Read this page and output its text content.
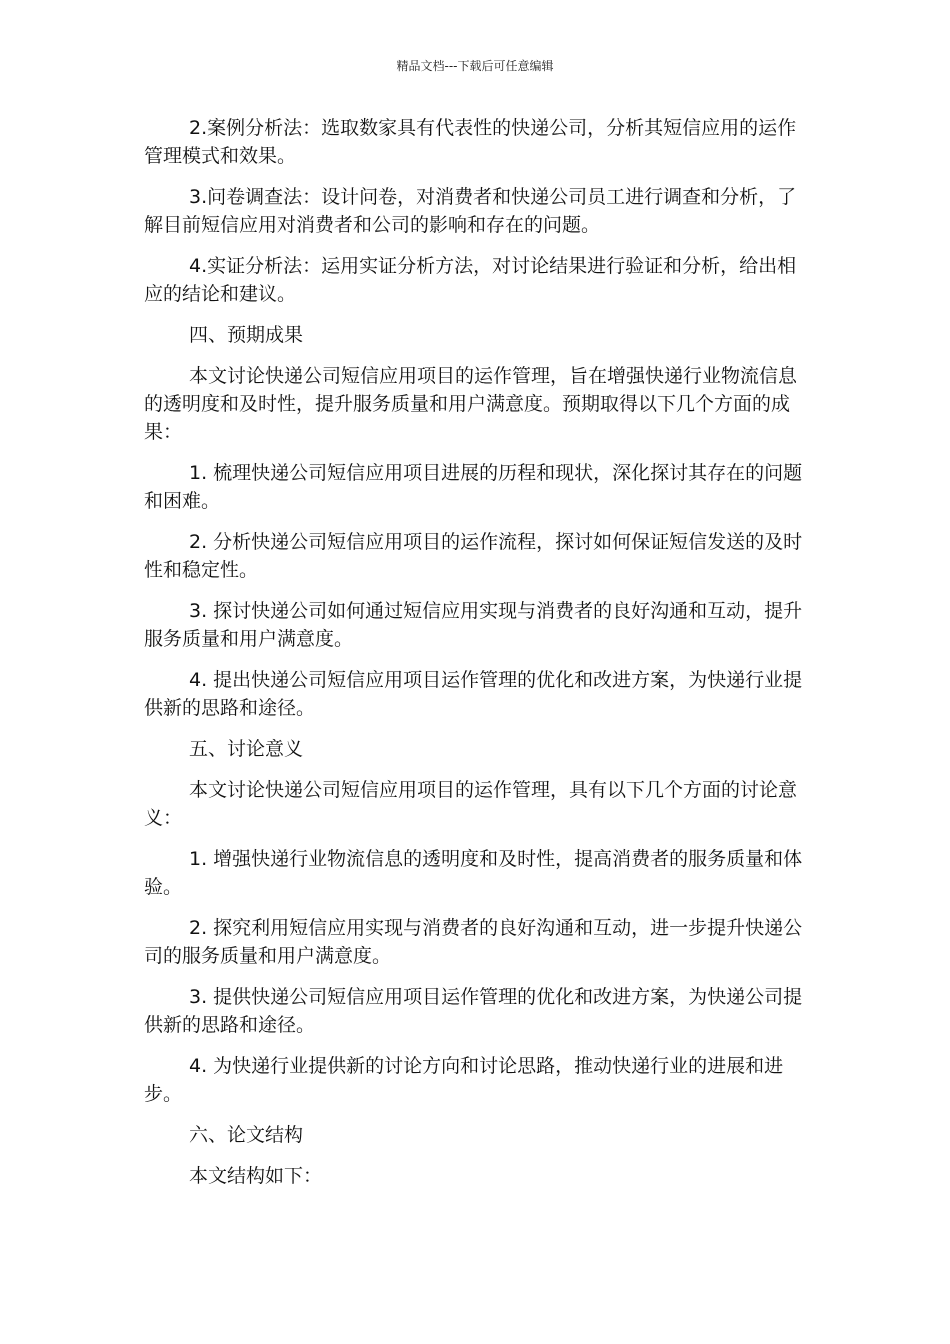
精品文档---下载后可任意编辑

2.案例分析法：选取数家具有代表性的快递公司，分析其短信应用的运作管理模式和效果。

3.问卷调查法：设计问卷，对消费者和快递公司员工进行调查和分析，了解目前短信应用对消费者和公司的影响和存在的问题。

4.实证分析法：运用实证分析方法，对讨论结果进行验证和分析，给出相应的结论和建议。

四、预期成果

本文讨论快递公司短信应用项目的运作管理，旨在增强快递行业物流信息的透明度和及时性，提升服务质量和用户满意度。预期取得以下几个方面的成果：

1. 梳理快递公司短信应用项目进展的历程和现状，深化探讨其存在的问题和困难。

2. 分析快递公司短信应用项目的运作流程，探讨如何保证短信发送的及时性和稳定性。

3. 探讨快递公司如何通过短信应用实现与消费者的良好沟通和互动，提升服务质量和用户满意度。

4. 提出快递公司短信应用项目运作管理的优化和改进方案，为快递行业提供新的思路和途径。

五、讨论意义

本文讨论快递公司短信应用项目的运作管理，具有以下几个方面的讨论意义：

1. 增强快递行业物流信息的透明度和及时性，提高消费者的服务质量和体验。

2. 探究利用短信应用实现与消费者的良好沟通和互动，进一步提升快递公司的服务质量和用户满意度。

3. 提供快递公司短信应用项目运作管理的优化和改进方案，为快递公司提供新的思路和途径。

4. 为快递行业提供新的讨论方向和讨论思路，推动快递行业的进展和进步。

六、论文结构

本文结构如下：
